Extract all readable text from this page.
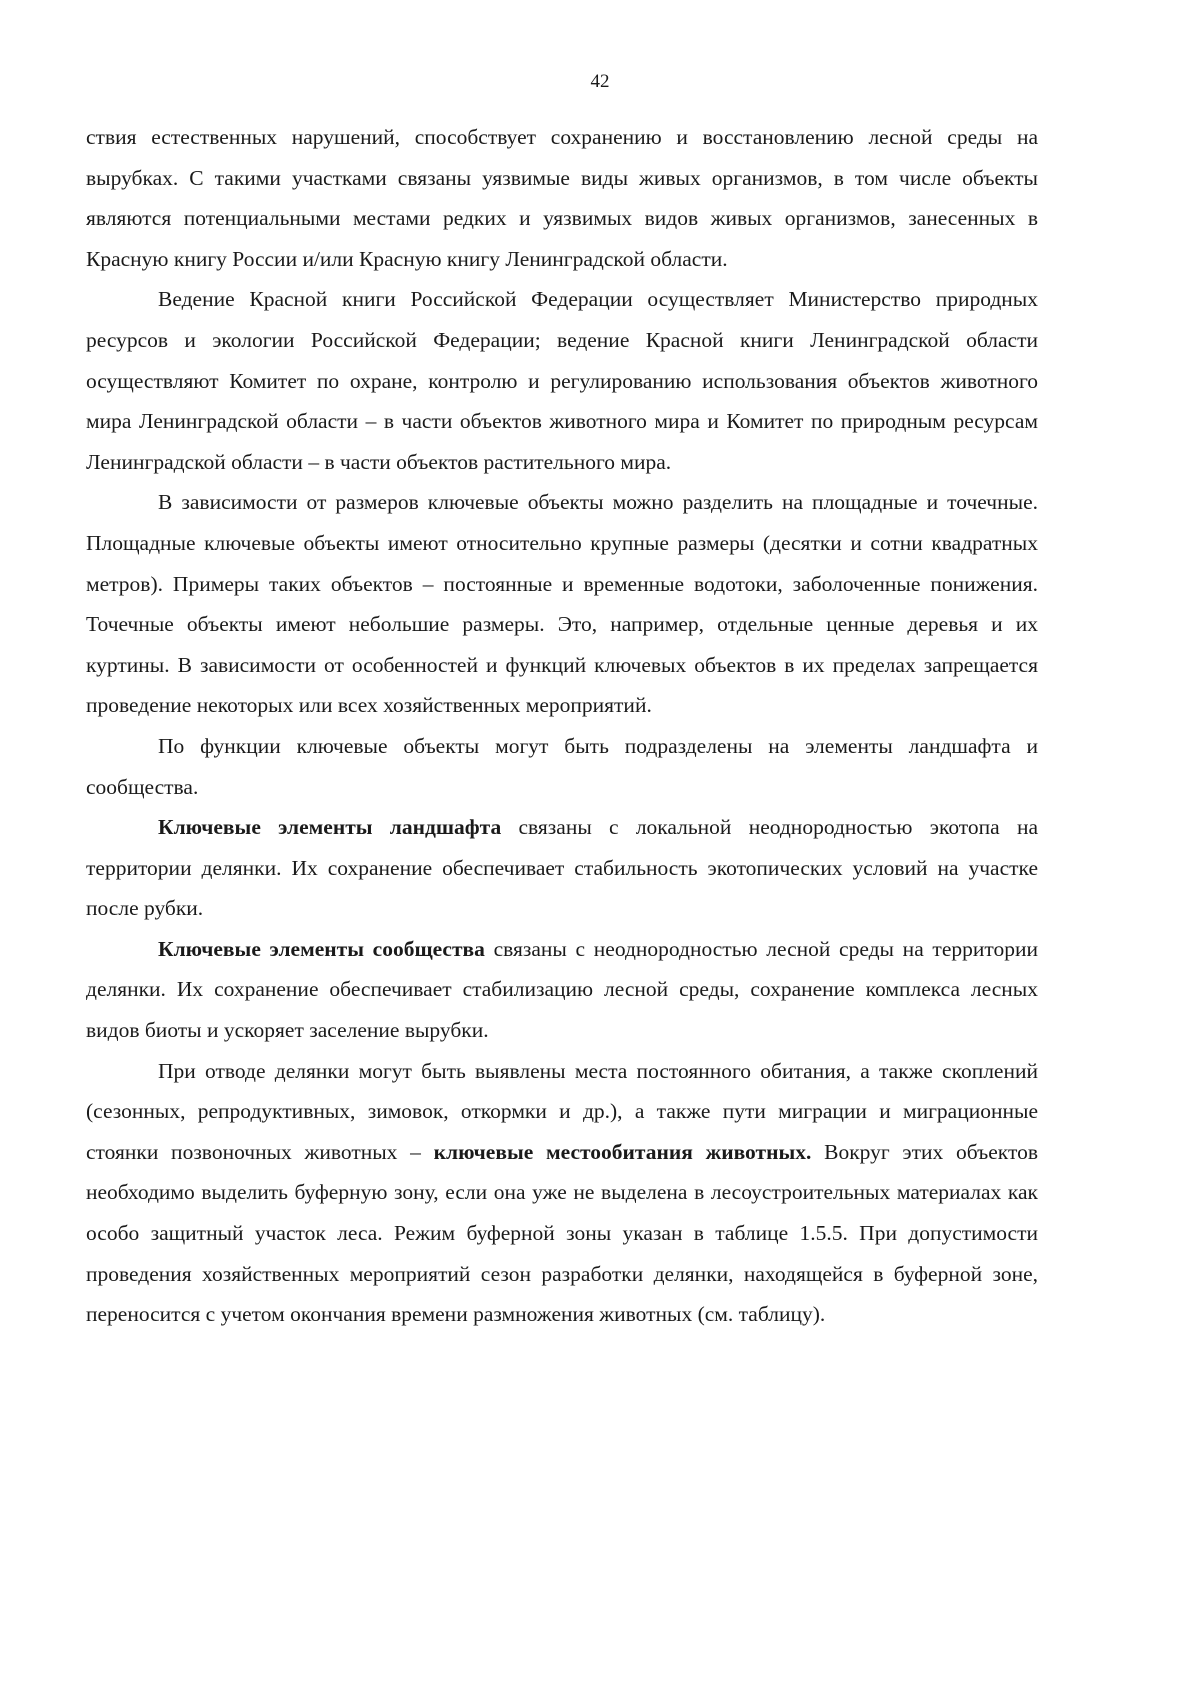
42

ствия естественных нарушений, способствует сохранению и восстановлению лесной среды на вырубках. С такими участками связаны уязвимые виды живых организмов, в том числе объекты являются потенциальными местами редких и уязвимых видов живых организмов, занесенных в Красную книгу России и/или Красную книгу Ленинградской области.

Ведение Красной книги Российской Федерации осуществляет Министерство природных ресурсов и экологии Российской Федерации; ведение Красной книги Ленинградской области осуществляют Комитет по охране, контролю и регулированию использования объектов животного мира Ленинградской области – в части объектов животного мира и Комитет по природным ресурсам Ленинградской области – в части объектов растительного мира.

В зависимости от размеров ключевые объекты можно разделить на площадные и точечные. Площадные ключевые объекты имеют относительно крупные размеры (десятки и сотни квадратных метров). Примеры таких объектов – постоянные и временные водотоки, заболоченные понижения. Точечные объекты имеют небольшие размеры. Это, например, отдельные ценные деревья и их куртины. В зависимости от особенностей и функций ключевых объектов в их пределах запрещается проведение некоторых или всех хозяйственных мероприятий.

По функции ключевые объекты могут быть подразделены на элементы ландшафта и сообщества.

Ключевые элементы ландшафта связаны с локальной неоднородностью экотопа на территории делянки. Их сохранение обеспечивает стабильность экотопических условий на участке после рубки.

Ключевые элементы сообщества связаны с неоднородностью лесной среды на территории делянки. Их сохранение обеспечивает стабилизацию лесной среды, сохранение комплекса лесных видов биоты и ускоряет заселение вырубки.

При отводе делянки могут быть выявлены места постоянного обитания, а также скоплений (сезонных, репродуктивных, зимовок, откормки и др.), а также пути миграции и миграционные стоянки позвоночных животных – ключевые местообитания животных. Вокруг этих объектов необходимо выделить буферную зону, если она уже не выделена в лесоустроительных материалах как особо защитный участок леса. Режим буферной зоны указан в таблице 1.5.5. При допустимости проведения хозяйственных мероприятий сезон разработки делянки, находящейся в буферной зоне, переносится с учетом окончания времени размножения животных (см. таблицу).
